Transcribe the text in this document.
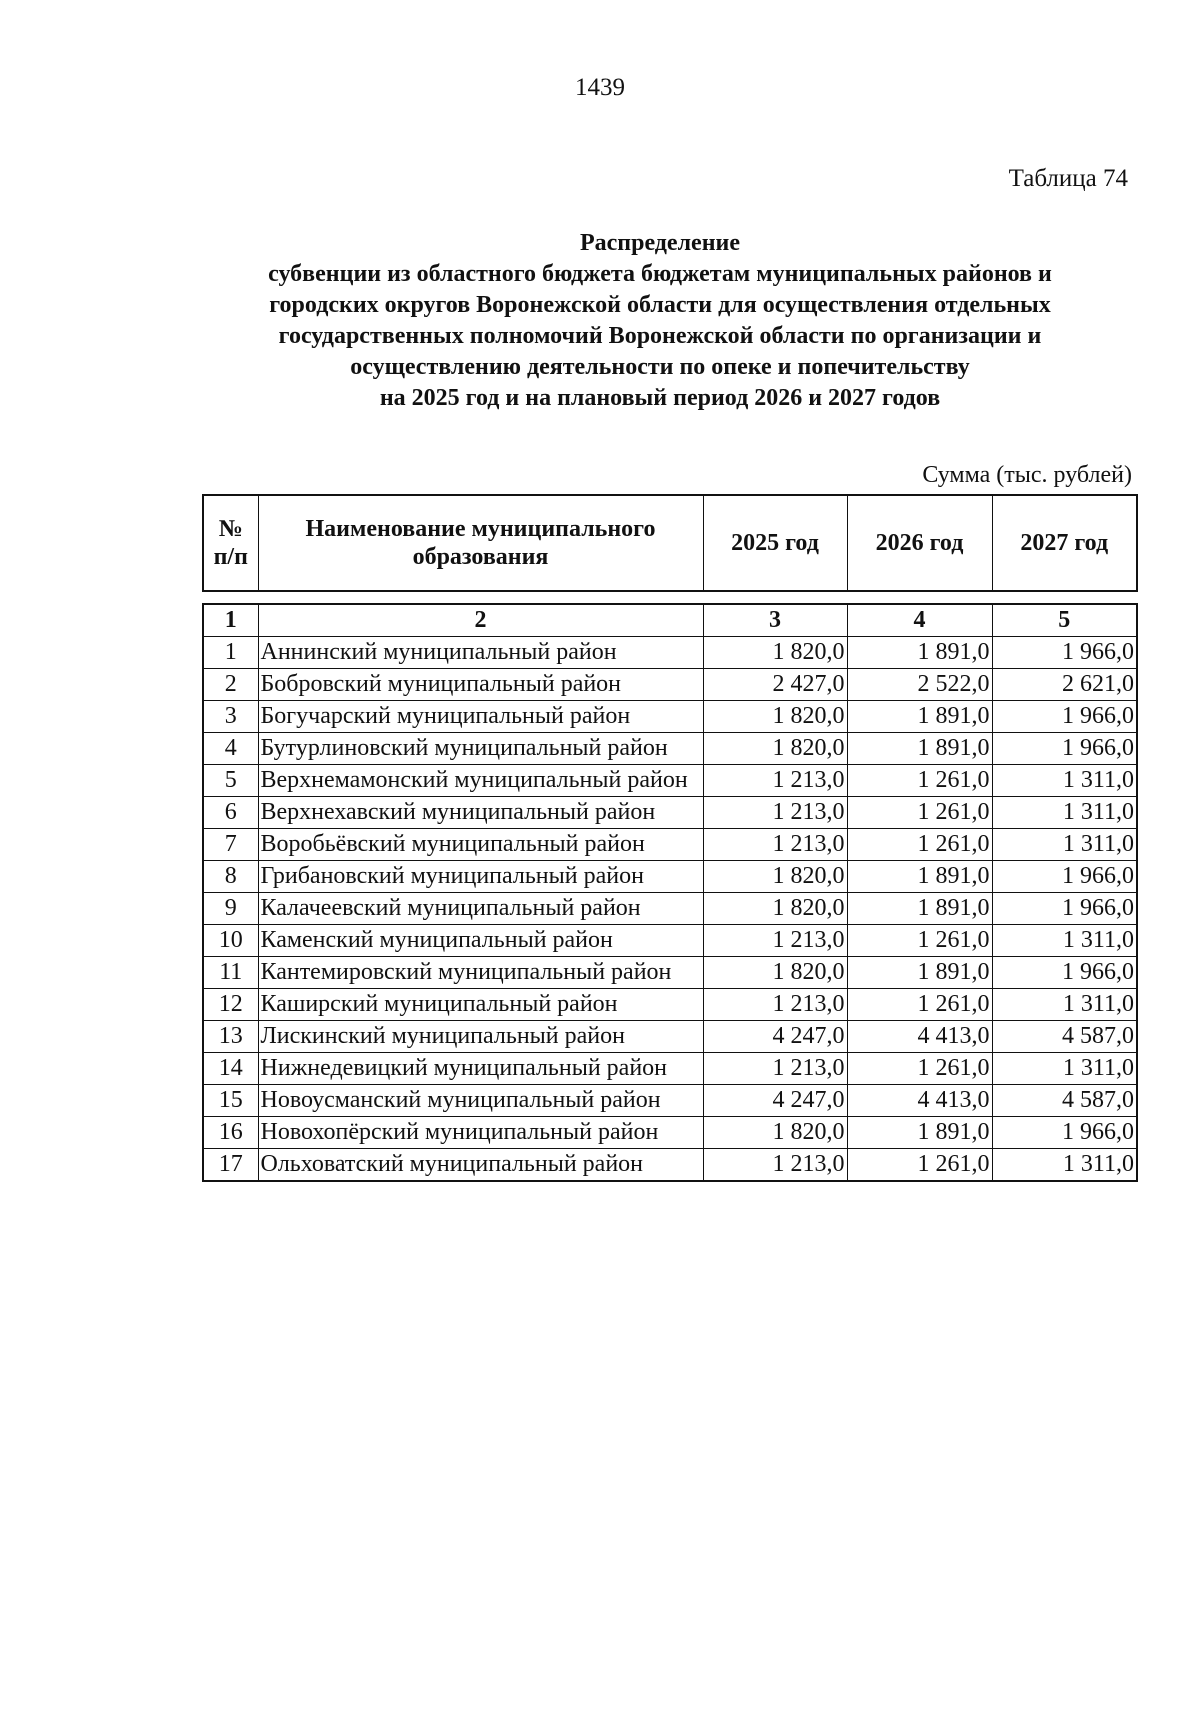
1439
Таблица 74
Распределение
субвенции из областного бюджета бюджетам муниципальных районов и
городских округов Воронежской области для осуществления отдельных
государственных полномочий Воронежской области по организации и
осуществлению деятельности по опеке и попечительству
на 2025 год и на плановый период 2026 и 2027 годов
Сумма (тыс. рублей)
№ п/п	Наименование муниципального образования	2025 год	2026 год	2027 год
1	2	3	4	5
1	Аннинский муниципальный район	1 820,0	1 891,0	1 966,0
2	Бобровский муниципальный район	2 427,0	2 522,0	2 621,0
3	Богучарский муниципальный район	1 820,0	1 891,0	1 966,0
4	Бутурлиновский муниципальный район	1 820,0	1 891,0	1 966,0
5	Верхнемамонский муниципальный район	1 213,0	1 261,0	1 311,0
6	Верхнехавский муниципальный район	1 213,0	1 261,0	1 311,0
7	Воробьёвский муниципальный район	1 213,0	1 261,0	1 311,0
8	Грибановский муниципальный район	1 820,0	1 891,0	1 966,0
9	Калачеевский муниципальный район	1 820,0	1 891,0	1 966,0
10	Каменский муниципальный район	1 213,0	1 261,0	1 311,0
11	Кантемировский муниципальный район	1 820,0	1 891,0	1 966,0
12	Каширский муниципальный район	1 213,0	1 261,0	1 311,0
13	Лискинский муниципальный район	4 247,0	4 413,0	4 587,0
14	Нижнедевицкий муниципальный район	1 213,0	1 261,0	1 311,0
15	Новоусманский муниципальный район	4 247,0	4 413,0	4 587,0
16	Новохопёрский муниципальный район	1 820,0	1 891,0	1 966,0
17	Ольховатский муниципальный район	1 213,0	1 261,0	1 311,0
